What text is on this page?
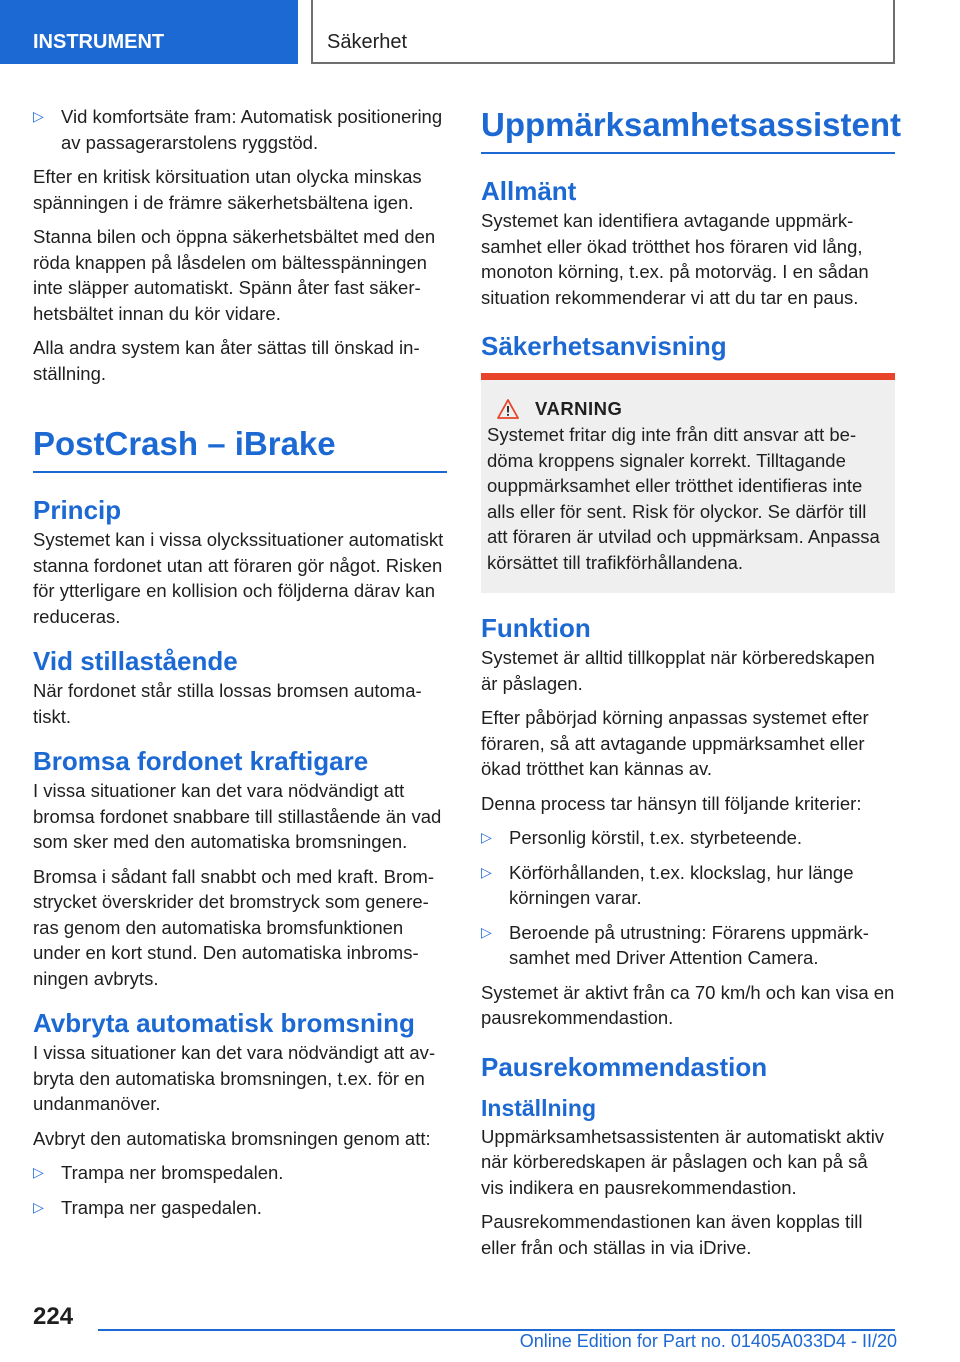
INSTRUMENT	Säkerhet
▷ Vid komfortsäte fram: Automatisk positionering av passagerarstolens ryggstöd.

Efter en kritisk körsituation utan olycka minskas spänningen i de främre säkerhetsbältena igen.

Stanna bilen och öppna säkerhetsbältet med den röda knappen på låsdelen om bältesspänningen inte släpper automatiskt. Spänn åter fast säkerhetsbältet innan du kör vidare.

Alla andra system kan åter sättas till önskad inställning.

PostCrash – iBrake
Princip

Systemet kan i vissa olyckssituationer automatiskt stanna fordonet utan att föraren gör något. Risken för ytterligare en kollision och följderna därav kan reduceras.

Vid stillastående

När fordonet står stilla lossas bromsen automatiskt.

Bromsa fordonet kraftigare

I vissa situationer kan det vara nödvändigt att bromsa fordonet snabbare till stillastående än vad som sker med den automatiska bromsningen.

Bromsa i sådant fall snabbt och med kraft. Bromstrycket överskrider det bromstryck som genereras genom den automatiska bromsfunktionen under en kort stund. Den automatiska inbromsningen avbryts.

Avbryta automatisk bromsning

I vissa situationer kan det vara nödvändigt att avbryta den automatiska bromsningen, t.ex. för en undanmanöver.

Avbryt den automatiska bromsningen genom att:

▷ Trampa ner bromspedalen.
▷ Trampa ner gaspedalen.
Uppmärksamhetsassistent
Allmänt

Systemet kan identifiera avtagande uppmärksamhet eller ökad trötthet hos föraren vid lång, monoton körning, t.ex. på motorväg. I en sådan situation rekommenderar vi att du tar en paus.

Säkerhetsanvisning
VARNING

Systemet fritar dig inte från ditt ansvar att bedöma kroppens signaler korrekt. Tilltagande ouppmärksamhet eller trötthet identifieras inte alls eller för sent. Risk för olyckor. Se därför till att föraren är utvilad och uppmärksam. Anpassa körsättet till trafikförhållandena.

Funktion

Systemet är alltid tillkopplat när körberedskapen är påslagen.

Efter påbörjad körning anpassas systemet efter föraren, så att avtagande uppmärksamhet eller ökad trötthet kan kännas av.

Denna process tar hänsyn till följande kriterier:

▷ Personlig körstil, t.ex. styrbeteende.
▷ Körförhållanden, t.ex. klockslag, hur länge körningen varar.
▷ Beroende på utrustning: Förarens uppmärksamhet med Driver Attention Camera.

Systemet är aktivt från ca 70 km/h och kan visa en pausrekommendastion.

Pausrekommendastion
Inställning

Uppmärksamhetsassistenten är automatiskt aktiv när körberedskapen är påslagen och kan på så vis indikera en pausrekommendastion.

Pausrekommendastionen kan även kopplas till eller från och ställas in via iDrive.

224
Online Edition for Part no. 01405A033D4 - II/20
